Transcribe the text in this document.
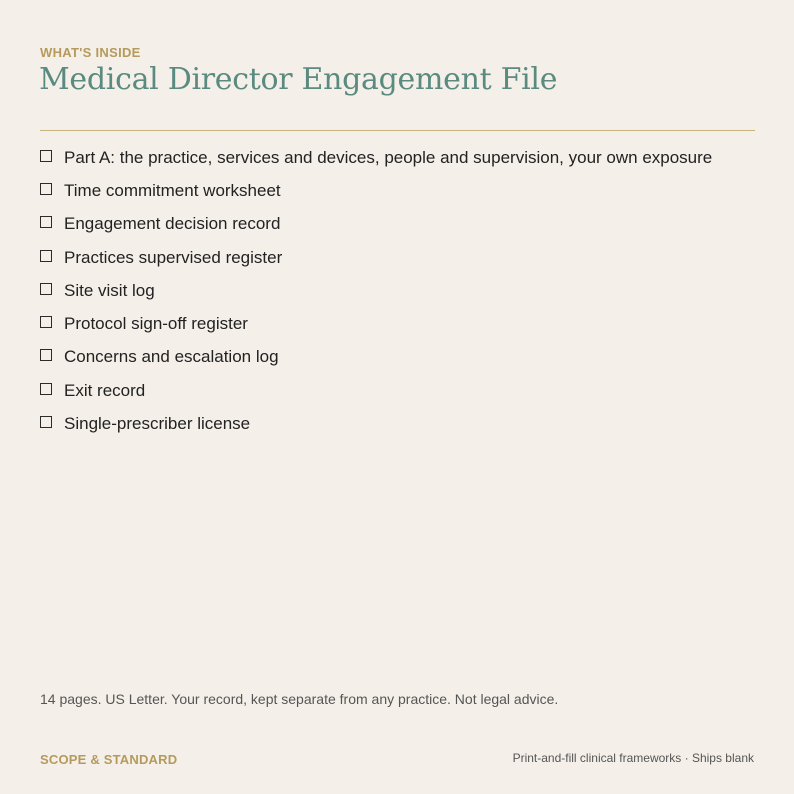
WHAT'S INSIDE
Medical Director Engagement File
Part A: the practice, services and devices, people and supervision, your own exposure
Time commitment worksheet
Engagement decision record
Practices supervised register
Site visit log
Protocol sign-off register
Concerns and escalation log
Exit record
Single-prescriber license

14 pages. US Letter. Your record, kept separate from any practice. Not legal advice.

SCOPE & STANDARD	Print-and-fill clinical frameworks · Ships blank
